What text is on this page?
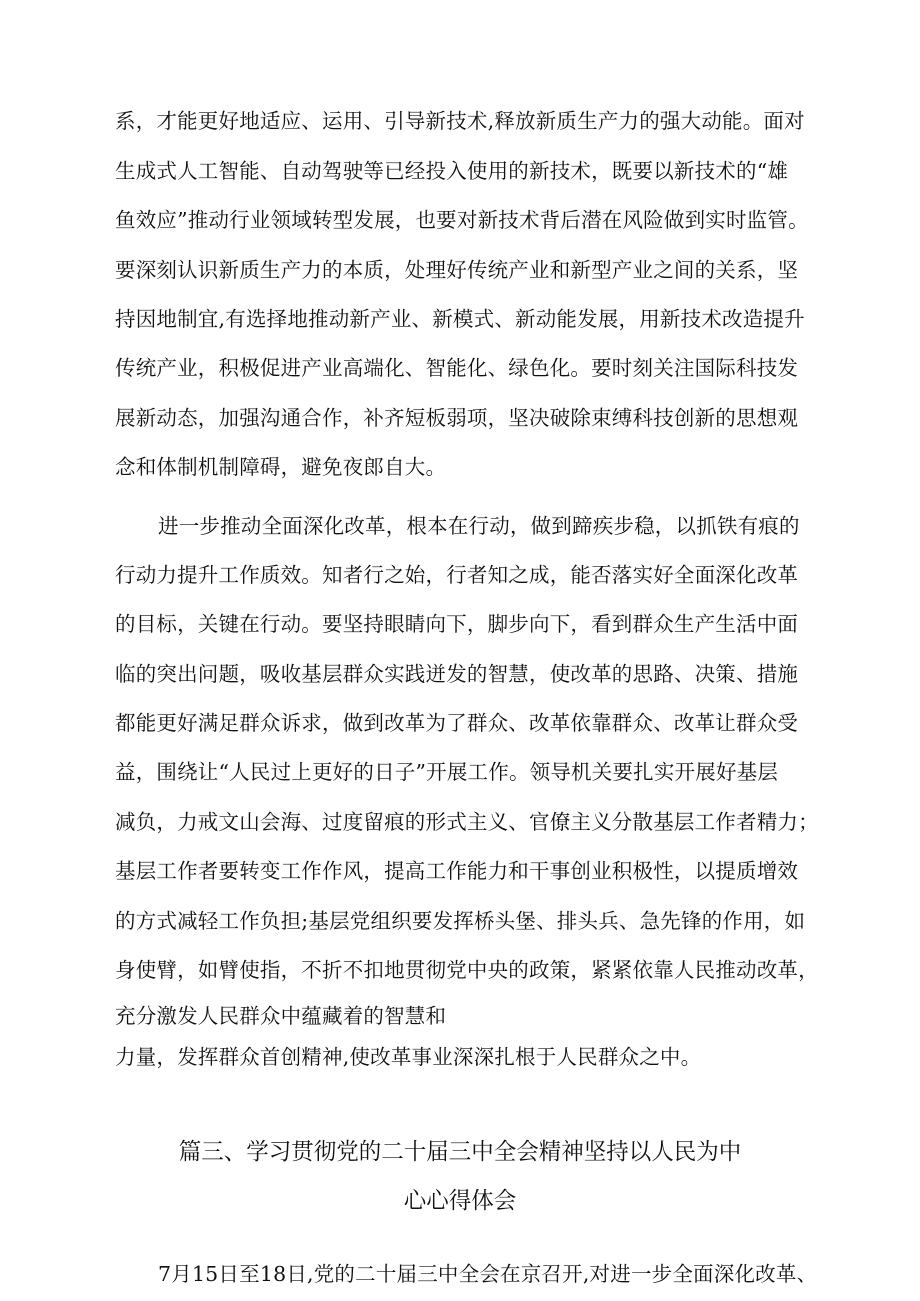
系，才能更好地适应、运用、引导新技术,释放新质生产力的强大动能。面对
生成式人工智能、自动驾驶等已经投入使用的新技术，既要以新技术的“雄
鱼效应”推动行业领域转型发展，也要对新技术背后潜在风险做到实时监管。
要深刻认识新质生产力的本质，处理好传统产业和新型产业之间的关系，坚
持因地制宜,有选择地推动新产业、新模式、新动能发展，用新技术改造提升
传统产业，积极促进产业高端化、智能化、绿色化。要时刻关注国际科技发
展新动态，加强沟通合作，补齐短板弱项，坚决破除束缚科技创新的思想观
念和体制机制障碍，避免夜郎自大。
进一步推动全面深化改革，根本在行动，做到蹄疾步稳，以抓铁有痕的
行动力提升工作质效。知者行之始，行者知之成，能否落实好全面深化改革
的目标，关键在行动。要坚持眼睛向下，脚步向下，看到群众生产生活中面
临的突出问题，吸收基层群众实践迸发的智慧，使改革的思路、决策、措施
都能更好满足群众诉求，做到改革为了群众、改革依靠群众、改革让群众受
益，围绕让“人民过上更好的日子”开展工作。领导机关要扎实开展好基层
减负，力戒文山会海、过度留痕的形式主义、官僚主义分散基层工作者精力；
基层工作者要转变工作作风，提高工作能力和干事创业积极性，以提质增效
的方式减轻工作负担;基层党组织要发挥桥头堡、排头兵、急先锋的作用，如
身使臂，如臂使指，不折不扣地贯彻党中央的政策，紧紧依靠人民推动改革，
充分激发人民群众中蕴藏着的智慧和
力量，发挥群众首创精神,使改革事业深深扎根于人民群众之中。
篇三、学习贯彻党的二十届三中全会精神坚持以人民为中
心心得体会
7月15日至18日,党的二十届三中全会在京召开,对进一步全面深化改革、
